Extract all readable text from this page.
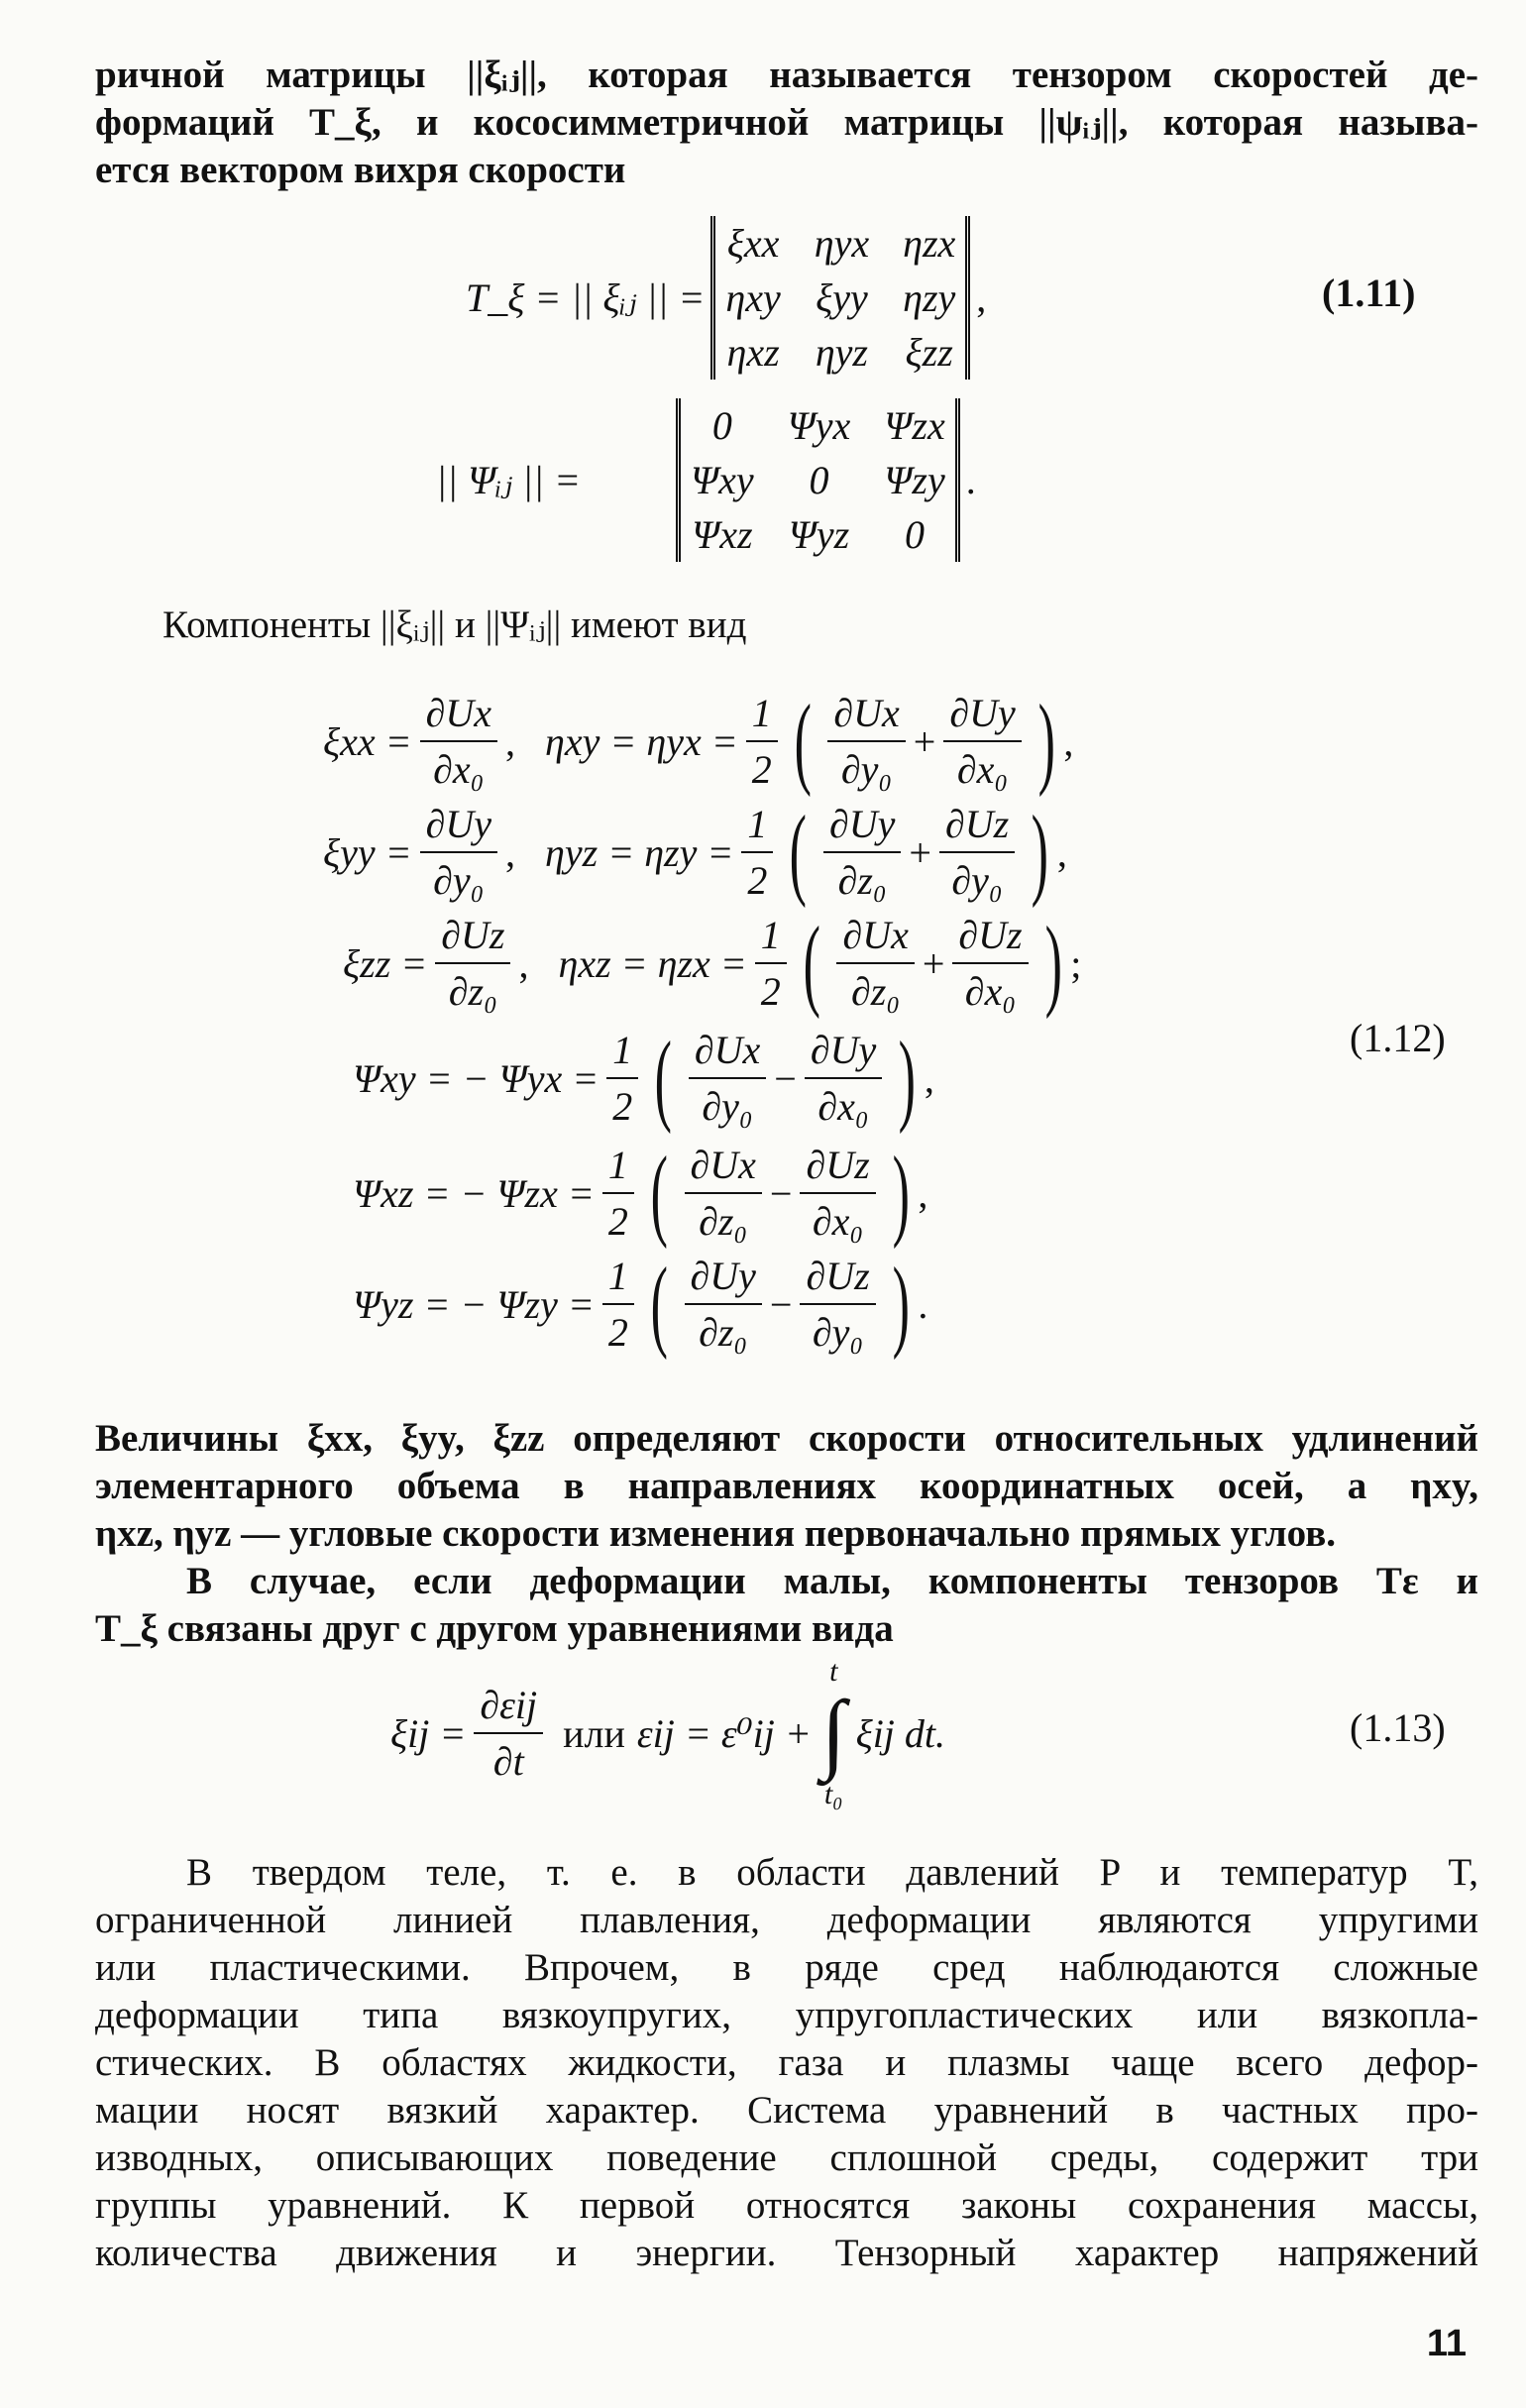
ричной матрицы ||ξᵢⱼ||, которая называется тензором скоростей де-
формаций T_ξ, и кососимметричной матрицы ||ψᵢⱼ||, которая называ-
ется вектором вихря скорости
T_ξ = || ξᵢⱼ || =
ξxx ηyx ηzx
ηxy ξyy ηzy
ηxz ηyz ξzz
,	(1.11)
|| Ψᵢⱼ || =
0	Ψyx Ψzx
Ψxy	0	Ψzy
Ψxz Ψyz	0
.
Компоненты ||ξᵢⱼ|| и ||Ψᵢⱼ|| имеют вид
$\xi xx = \frac{\partial Ux}{\text{∂x₀}}$ , $\eta xy = \eta yx = \frac{1}{2}$ ( $\frac{\partial Ux}{\text{∂y₀}} + \frac{\partial Uy}{\text{∂x₀}}$ ) ,
$\xi yy = \frac{\partial Uy}{\text{∂y₀}}$ , $\eta yz = \eta zy = \frac{1}{2}$ ( $\frac{\partial Uy}{\text{∂z₀}} + \frac{\partial Uz}{\text{∂y₀}}$ ) ,
$\xi zz = \frac{\partial Uz}{\text{∂z₀}}$ , $\eta xz = \eta zx = \frac{1}{2}$ ( $\frac{\partial Ux}{\text{∂z₀}} + \frac{\partial Uz}{\text{∂x₀}}$ ) ;
Ψxy = − $\Psi yx = \frac{1}{2}$ ( $\frac{\partial Ux}{\text{∂y₀}} - \frac{\partial Uy}{\text{∂x₀}}$ ) ,
Ψxz = − $\Psi zx = \frac{1}{2}$ ( $\frac{\partial Ux}{\text{∂z₀}} - \frac{\partial Uz}{\text{∂x₀}}$ ) ,
Ψyz = − $\Psi zy = \frac{1}{2}$ ( $\frac{\partial Uy}{\text{∂z₀}} - \frac{\partial Uz}{\text{∂y₀}}$ ) .
(1.12)
Величины ξxx, ξyy, ξzz определяют скорости относительных удлинений
элементарного объема в направлениях координатных осей, а ηxy,
ηxz, ηyz — угловые скорости изменения первоначально прямых углов.
В случае, если деформации малы, компоненты тензоров Tε и
T_ξ связаны друг с другом уравнениями вида
$\xi ij = \frac{\text{∂εij}}{\partial t}$ или εij = ε⁰ij +
t
∫
t₀
ξij dt.	(1.13)
В твердом теле, т. е. в области давлений P и температур T,
ограниченной линией плавления, деформации являются упругими
или пластическими. Впрочем, в ряде сред наблюдаются сложные
деформации типа вязкоупругих, упругопластических или вязкопла-
стических. В областях жидкости, газа и плазмы чаще всего дефор-
мации носят вязкий характер. Система уравнений в частных про-
изводных, описывающих поведение сплошной среды, содержит три
группы уравнений. К первой относятся законы сохранения массы,
количества движения и энергии. Тензорный характер напряжений
11
